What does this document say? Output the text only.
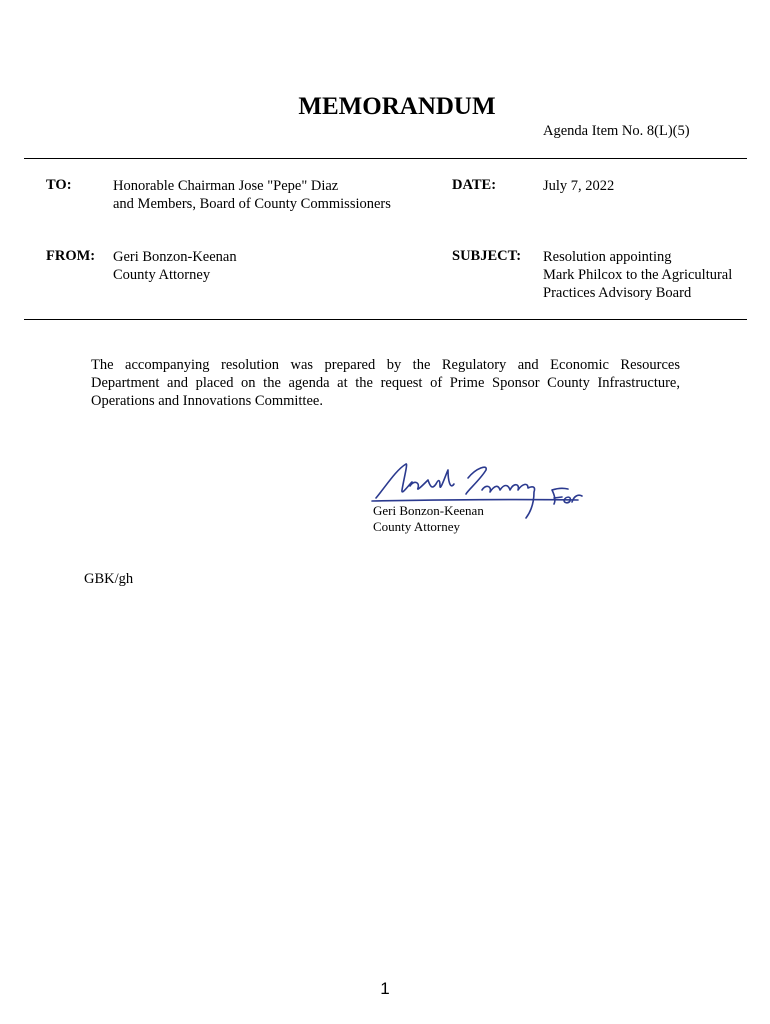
MEMORANDUM
Agenda Item No. 8(L)(5)
TO:	Honorable Chairman Jose "Pepe" Diaz
and Members, Board of County Commissioners
DATE:	July 7, 2022
FROM: Geri Bonzon-Keenan
County Attorney
SUBJECT: Resolution appointing
Mark Philcox to the Agricultural
Practices Advisory Board
The accompanying resolution was prepared by the Regulatory and Economic Resources
Department and placed on the agenda at the request of Prime Sponsor County Infrastructure,
Operations and Innovations Committee.
Gerald Sanchez For
Geri Bonzon-Keenan
County Attorney
GBK/gh
1
